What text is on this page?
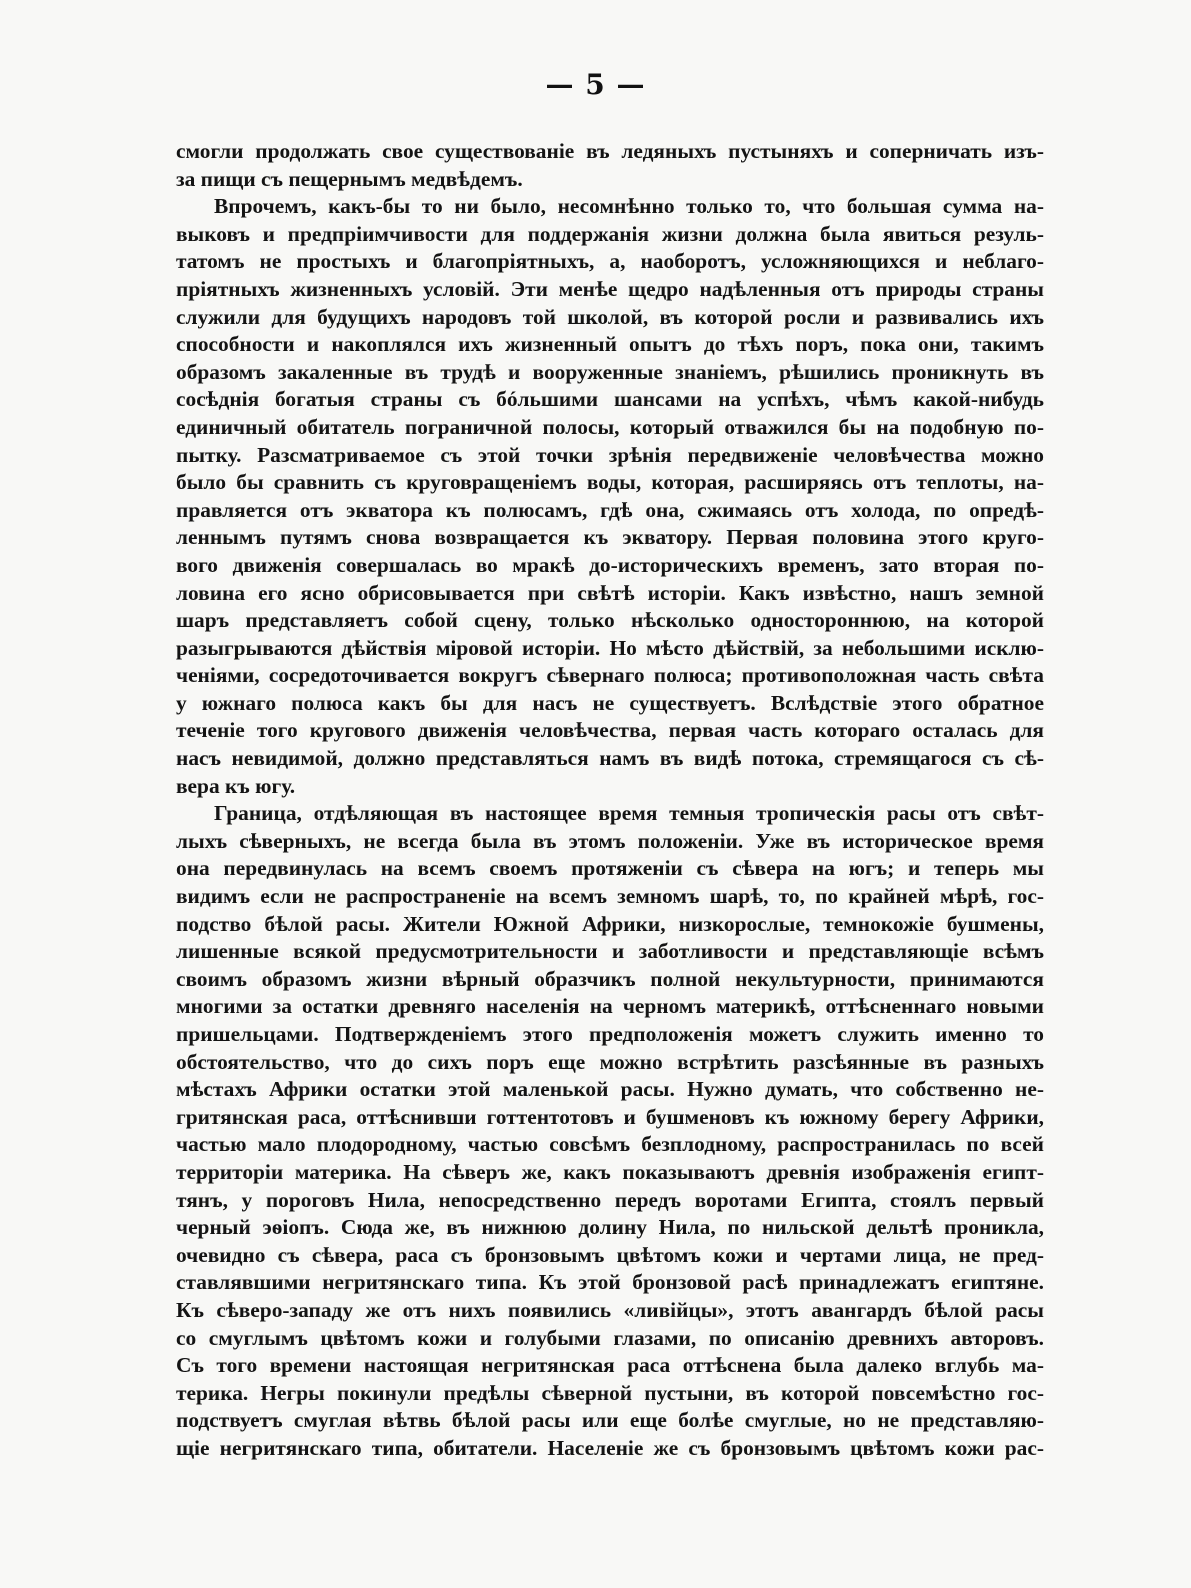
— 5 —
смогли продолжать свое существованіе въ ледяныхъ пустыняхъ и соперничать изъ-
за пищи съ пещернымъ медвѣдемъ.
Впрочемъ, какъ-бы то ни было, несомнѣнно только то, что большая сумма на-
выковъ и предпріимчивости для поддержанія жизни должна была явиться резуль-
татомъ не простыхъ и благопріятныхъ, а, наоборотъ, усложняющихся и неблаго-
пріятныхъ жизненныхъ условій. Эти менѣе щедро надѣленныя отъ природы страны
служили для будущихъ народовъ той школой, въ которой росли и развивались ихъ
способности и накоплялся ихъ жизненный опытъ до тѣхъ поръ, пока они, такимъ
образомъ закаленные въ трудѣ и вооруженные знаніемъ, рѣшились проникнуть въ
сосѣднія богатыя страны съ бóльшими шансами на успѣхъ, чѣмъ какой-нибудь
единичный обитатель пограничной полосы, который отважился бы на подобную по-
пытку. Разсматриваемое съ этой точки зрѣнія передвиженіе человѣчества можно
было бы сравнить съ круговращеніемъ воды, которая, расширяясь отъ теплоты, на-
правляется отъ экватора къ полюсамъ, гдѣ она, сжимаясь отъ холода, по опредѣ-
леннымъ путямъ снова возвращается къ экватору. Первая половина этого круго-
вого движенія совершалась во мракѣ до-историческихъ временъ, зато вторая по-
ловина его ясно обрисовывается при свѣтѣ исторіи. Какъ извѣстно, нашъ земной
шаръ представляетъ собой сцену, только нѣсколько одностороннюю, на которой
разыгрываются дѣйствія міровой исторіи. Но мѣсто дѣйствій, за небольшими исклю-
ченіями, сосредоточивается вокругъ сѣвернаго полюса; противоположная часть свѣта
у южнаго полюса какъ бы для насъ не существуетъ. Вслѣдствіе этого обратное
теченіе того кругового движенія человѣчества, первая часть котораго осталась для
насъ невидимой, должно представляться намъ въ видѣ потока, стремящагося съ сѣ-
вера къ югу.
Граница, отдѣляющая въ настоящее время темныя тропическія расы отъ свѣт-
лыхъ сѣверныхъ, не всегда была въ этомъ положеніи. Уже въ историческое время
она передвинулась на всемъ своемъ протяженіи съ сѣвера на югъ; и теперь мы
видимъ если не распространеніе на всемъ земномъ шарѣ, то, по крайней мѣрѣ, гос-
подство бѣлой расы. Жители Южной Африки, низкорослые, темнокожіе бушмены,
лишенные всякой предусмотрительности и заботливости и представляющіе всѣмъ
своимъ образомъ жизни вѣрный образчикъ полной некультурности, принимаются
многими за остатки древняго населенія на черномъ материкѣ, оттѣсненнаго новыми
пришельцами. Подтвержденіемъ этого предположенія можетъ служить именно то
обстоятельство, что до сихъ поръ еще можно встрѣтить разсѣянные въ разныхъ
мѣстахъ Африки остатки этой маленькой расы. Нужно думать, что собственно не-
гритянская раса, оттѣснивши готтентотовъ и бушменовъ къ южному берегу Африки,
частью мало плодородному, частью совсѣмъ безплодному, распространилась по всей
территоріи материка. На сѣверъ же, какъ показываютъ древнія изображенія египт-
тянъ, у пороговъ Нила, непосредственно передъ воротами Египта, стоялъ первый
черный эѳіопъ. Сюда же, въ нижнюю долину Нила, по нильской дельтѣ проникла,
очевидно съ сѣвера, раса съ бронзовымъ цвѣтомъ кожи и чертами лица, не пред-
ставлявшими негритянскаго типа. Къ этой бронзовой расѣ принадлежатъ египтяне.
Къ сѣверо-западу же отъ нихъ появились «ливійцы», этотъ авангардъ бѣлой расы
со смуглымъ цвѣтомъ кожи и голубыми глазами, по описанію древнихъ авторовъ.
Съ того времени настоящая негритянская раса оттѣснена была далеко вглубь ма-
терика. Негры покинули предѣлы сѣверной пустыни, въ которой повсемѣстно гос-
подствуетъ смуглая вѣтвь бѣлой расы или еще болѣе смуглые, но не представляю-
щіе негритянскаго типа, обитатели. Населеніе же съ бронзовымъ цвѣтомъ кожи рас-
